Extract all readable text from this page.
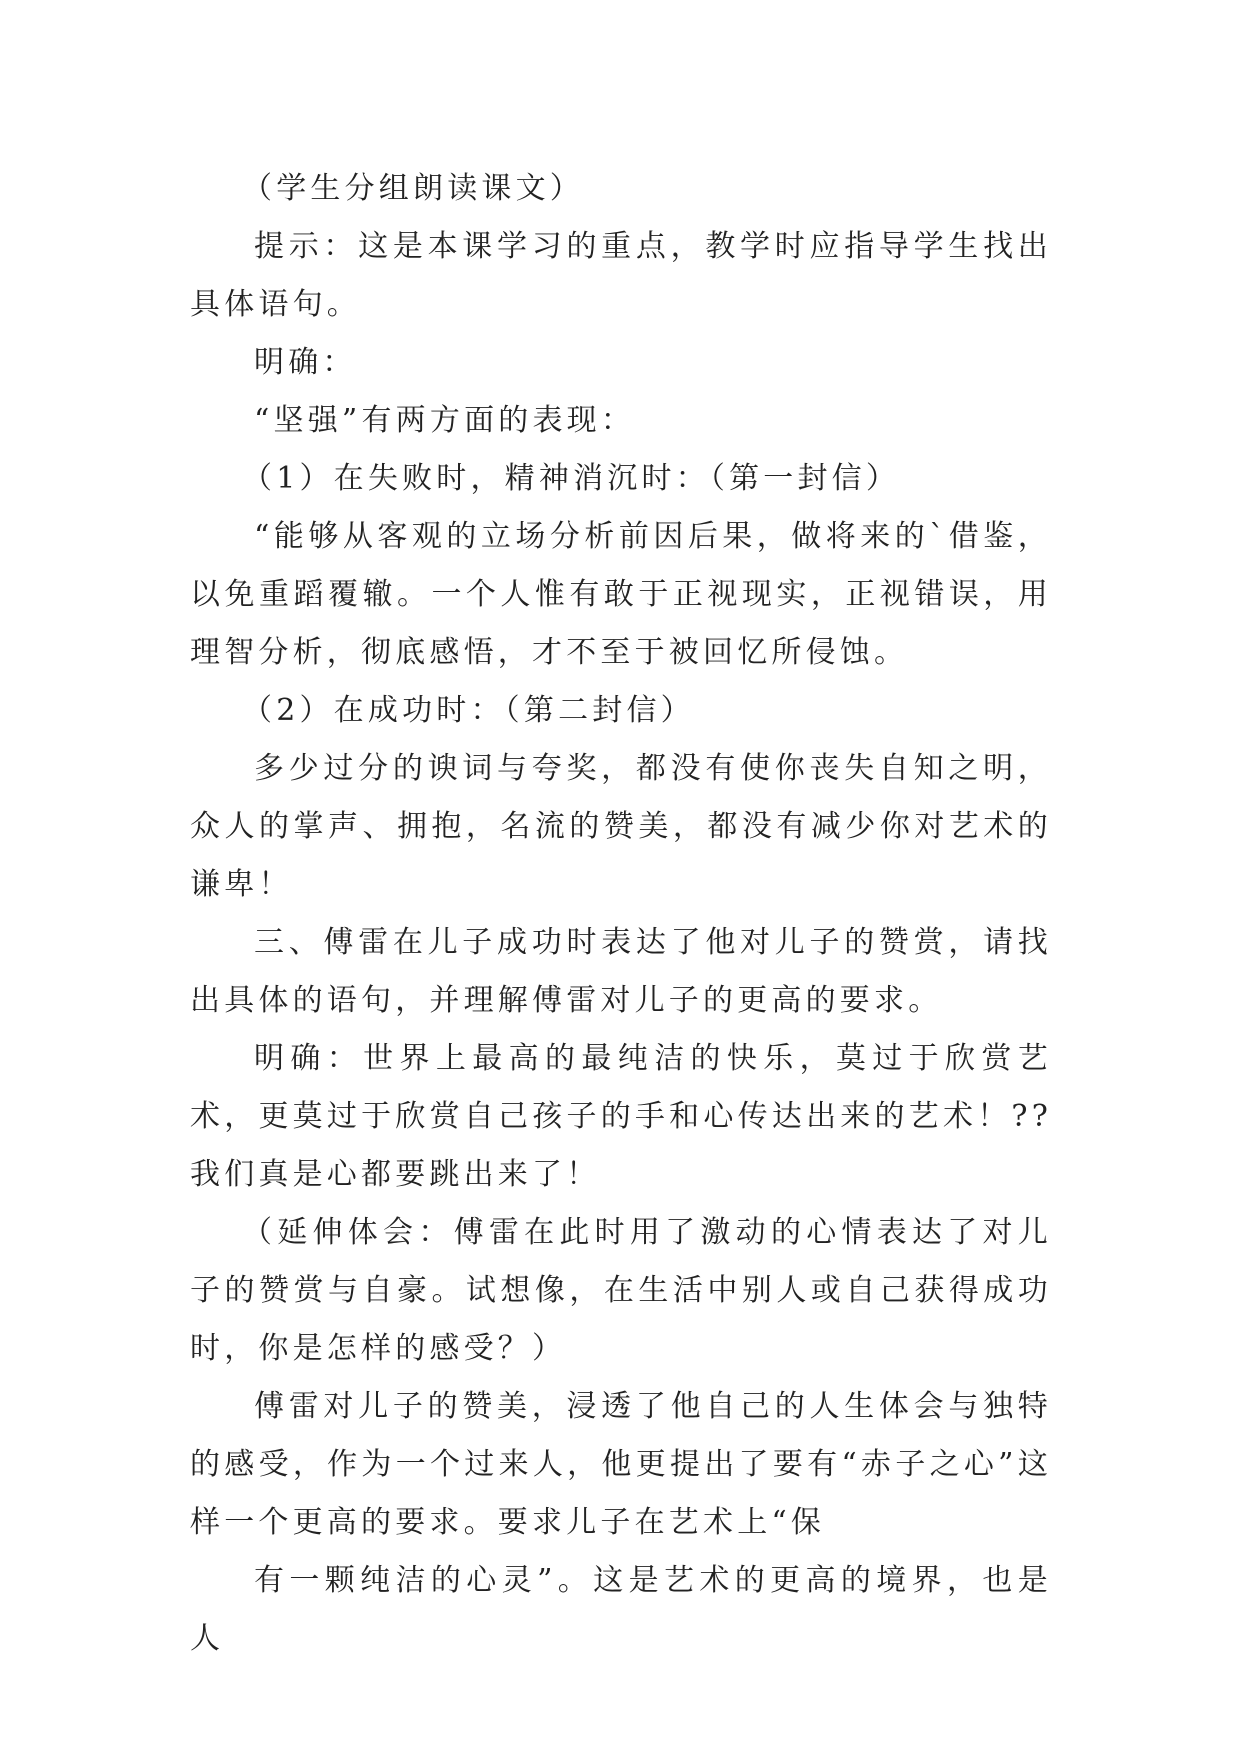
（学生分组朗读课文）

提示：这是本课学习的重点，教学时应指导学生找出具体语句。

明确：

“坚强”有两方面的表现：

（1）在失败时，精神消沉时：（第一封信）

“能够从客观的立场分析前因后果，做将来的`借鉴，以免重蹈覆辙。一个人惟有敢于正视现实，正视错误，用理智分析，彻底感悟，才不至于被回忆所侵蚀。

（2）在成功时：（第二封信）

多少过分的谀词与夸奖，都没有使你丧失自知之明，众人的掌声、拥抱，名流的赞美，都没有减少你对艺术的谦卑！

三、傅雷在儿子成功时表达了他对儿子的赞赏，请找出具体的语句，并理解傅雷对儿子的更高的要求。

明确：世界上最高的最纯洁的快乐，莫过于欣赏艺术，更莫过于欣赏自己孩子的手和心传达出来的艺术！??我们真是心都要跳出来了！

（延伸体会：傅雷在此时用了激动的心情表达了对儿子的赞赏与自豪。试想像，在生活中别人或自己获得成功时，你是怎样的感受？）

傅雷对儿子的赞美，浸透了他自己的人生体会与独特的感受，作为一个过来人，他更提出了要有“赤子之心”这样一个更高的要求。要求儿子在艺术上“保

有一颗纯洁的心灵”。这是艺术的更高的境界，也是人
